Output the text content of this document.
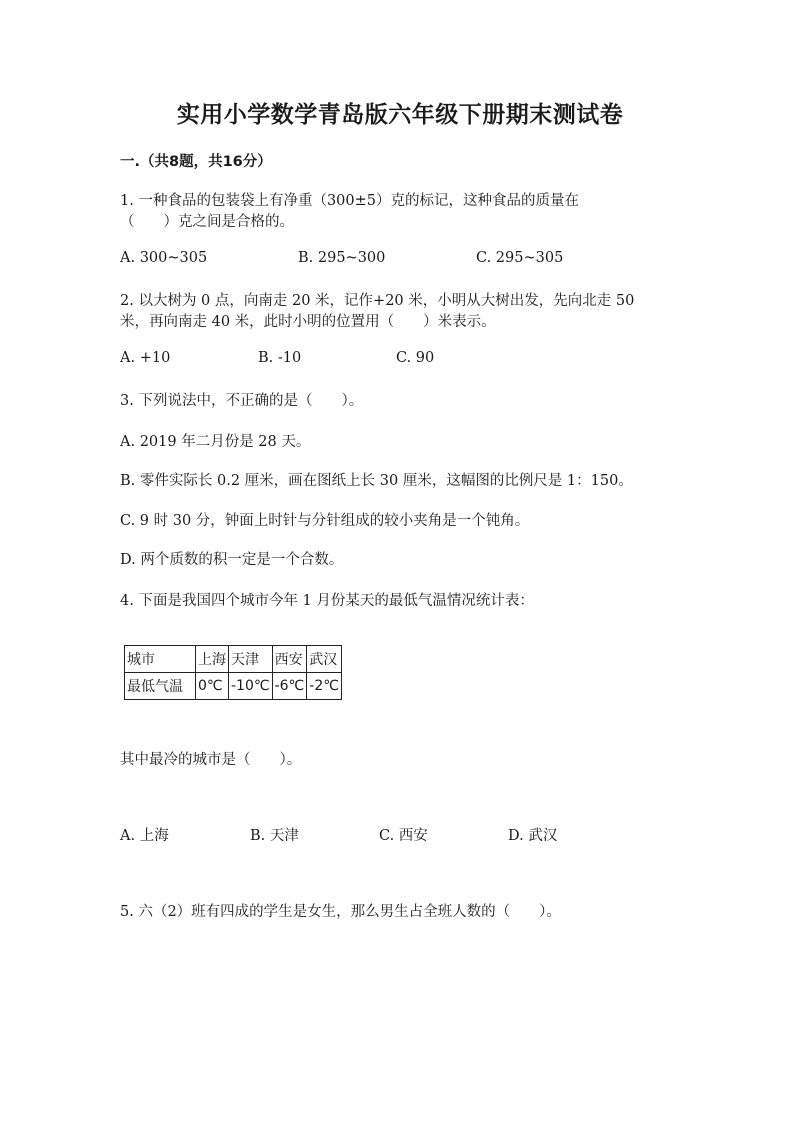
实用小学数学青岛版六年级下册期末测试卷
一.（共8题，共16分）
1. 一种食品的包装袋上有净重（300±5）克的标记，这种食品的质量在
（　　）克之间是合格的。
A. 300~305	B. 295~300	C. 295~305
2. 以大树为 0 点，向南走 20 米，记作+20 米，小明从大树出发，先向北走 50
米，再向南走 40 米，此时小明的位置用（　　）米表示。
A. +10	B. -10	C. 90
3. 下列说法中，不正确的是（　　）。
A. 2019 年二月份是 28 天。
B. 零件实际长 0.2 厘米，画在图纸上长 30 厘米，这幅图的比例尺是 1：150。
C. 9 时 30 分，钟面上时针与分针组成的较小夹角是一个钝角。
D. 两个质数的积一定是一个合数。
4. 下面是我国四个城市今年 1 月份某天的最低气温情况统计表：
城市	上海	天津	西安	武汉
最低气温	0℃	-10℃	-6℃	-2℃
其中最冷的城市是（　　）。
A. 上海	B. 天津	C. 西安	D. 武汉
5. 六（2）班有四成的学生是女生，那么男生占全班人数的（　　）。
